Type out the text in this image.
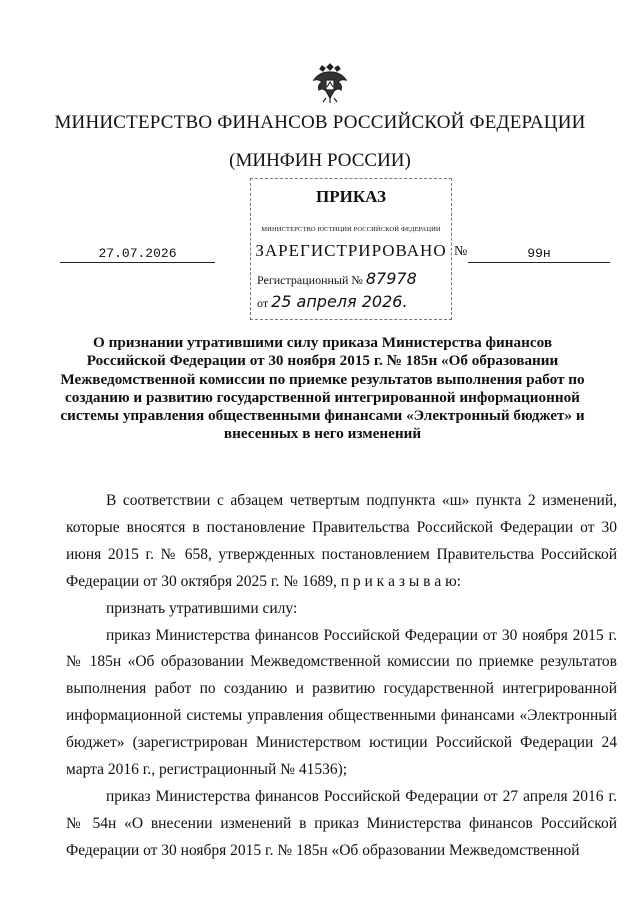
МИНИСТЕРСТВО ФИНАНСОВ РОССИЙСКОЙ ФЕДЕРАЦИИ
(МИНФИН РОССИИ)
ПРИКАЗ
МИНИСТЕРСТВО ЮСТИЦИИ РОССИЙСКОЙ ФЕДЕРАЦИИ
ЗАРЕГИСТРИРОВАНО
Регистрационный № 87978
от 25 апреля 2026.
27.07.2026	№	99н
О признании утратившими силу приказа Министерства финансов Российской Федерации от 30 ноября 2015 г. № 185н «Об образовании Межведомственной комиссии по приемке результатов выполнения работ по созданию и развитию государственной интегрированной информационной системы управления общественными финансами «Электронный бюджет» и внесенных в него изменений

В соответствии с абзацем четвертым подпункта «ш» пункта 2 изменений, которые вносятся в постановление Правительства Российской Федерации от 30 июня 2015 г. № 658, утвержденных постановлением Правительства Российской Федерации от 30 октября 2025 г. № 1689, п р и к а з ы в а ю:

признать утратившими силу:

приказ Министерства финансов Российской Федерации от 30 ноября 2015 г. № 185н «Об образовании Межведомственной комиссии по приемке результатов выполнения работ по созданию и развитию государственной интегрированной информационной системы управления общественными финансами «Электронный бюджет» (зарегистрирован Министерством юстиции Российской Федерации 24 марта 2016 г., регистрационный № 41536);

приказ Министерства финансов Российской Федерации от 27 апреля 2016 г. № 54н «О внесении изменений в приказ Министерства финансов Российской Федерации от 30 ноября 2015 г. № 185н «Об образовании Межведомственной
